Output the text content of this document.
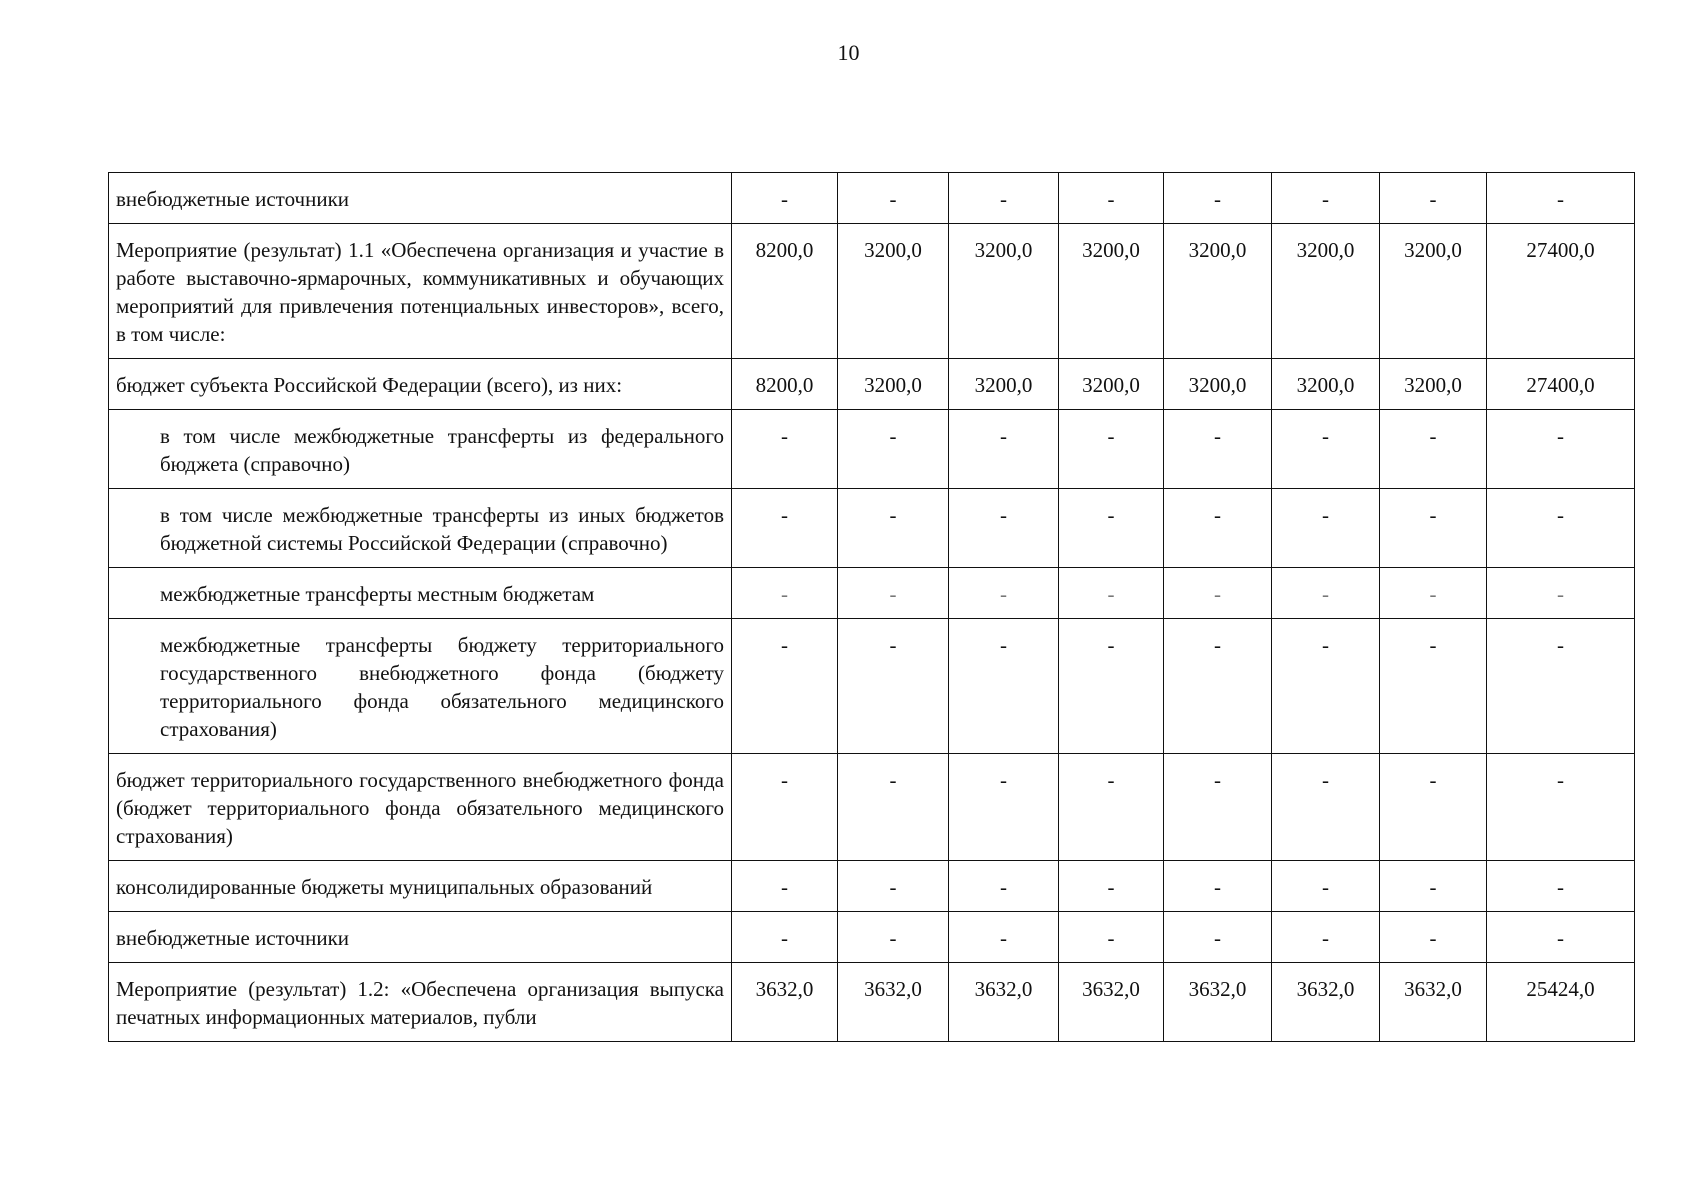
10
внебюджетные источники	-	-	-	-	-	-	-	-
Мероприятие (результат) 1.1 «Обеспечена организация и участие в работе выставочно-ярмарочных, коммуникативных и обучающих мероприятий для привлечения потенциальных инвесторов», всего, в том числе:	8200,0	3200,0	3200,0	3200,0	3200,0	3200,0	3200,0	27400,0
бюджет субъекта Российской Федерации (всего), из них:	8200,0	3200,0	3200,0	3200,0	3200,0	3200,0	3200,0	27400,0
в том числе межбюджетные трансферты из федерального бюджета (справочно)	-	-	-	-	-	-	-	-
в том числе межбюджетные трансферты из иных бюджетов бюджетной системы Российской Федерации (справочно)	-	-	-	-	-	-	-	-
межбюджетные трансферты местным бюджетам	-	-	-	-	-	-	-	-
межбюджетные трансферты бюджету территориального государственного внебюджетного фонда (бюджету территориального фонда обязательного медицинского страхования)	-	-	-	-	-	-	-	-
бюджет территориального государственного внебюджетного фонда (бюджет территориального фонда обязательного медицинского страхования)	-	-	-	-	-	-	-	-
консолидированные бюджеты муниципальных образований	-	-	-	-	-	-	-	-
внебюджетные источники	-	-	-	-	-	-	-	-
Мероприятие (результат) 1.2: «Обеспечена организация выпуска печатных информационных материалов, публи	3632,0	3632,0	3632,0	3632,0	3632,0	3632,0	3632,0	25424,0
